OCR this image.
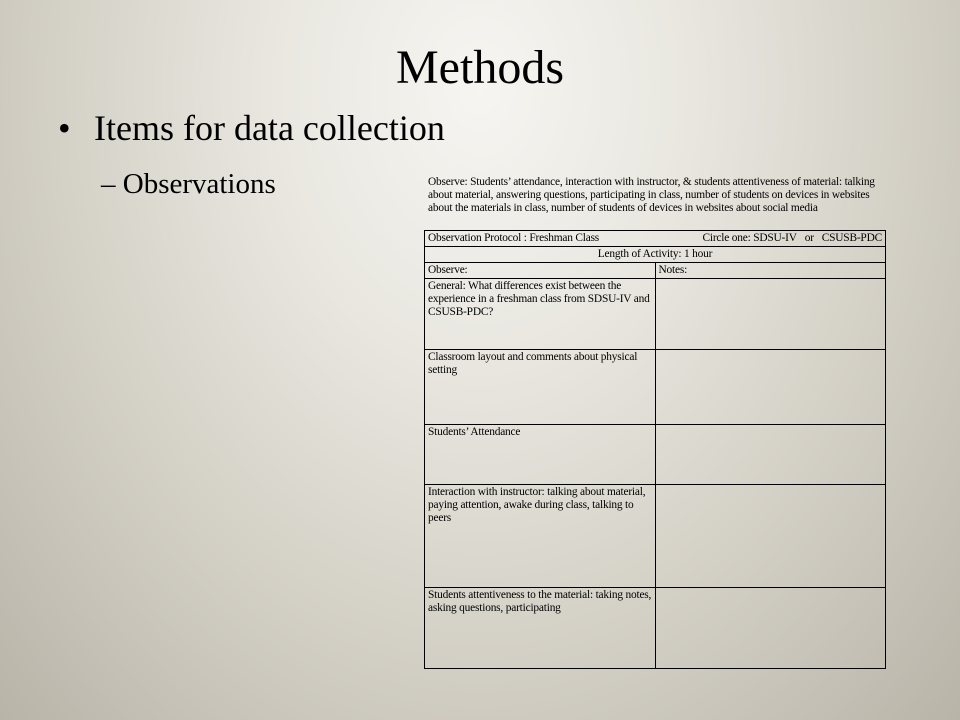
Methods
• Items for data collection
– Observations	Observe: Students’ attendance, interaction with instructor, & students attentiveness of material: talking about material, answering questions, participating in class, number of students on devices in websites about the materials in class, number of students of devices in websites about social media
Observation Protocol : Freshman Class Circle one: SDSU-IV or CSUSB-PDC	

Length of Activity: 1 hour	
Observe:	Notes:
General: What differences exist between the experience in a freshman class from SDSU-IV and CSUSB-PDC?	
Classroom layout and comments about physical setting	
Students’ Attendance	
Interaction with instructor: talking about material, paying attention, awake during class, talking to peers	
Students attentiveness to the material: taking notes, asking questions, participating	
